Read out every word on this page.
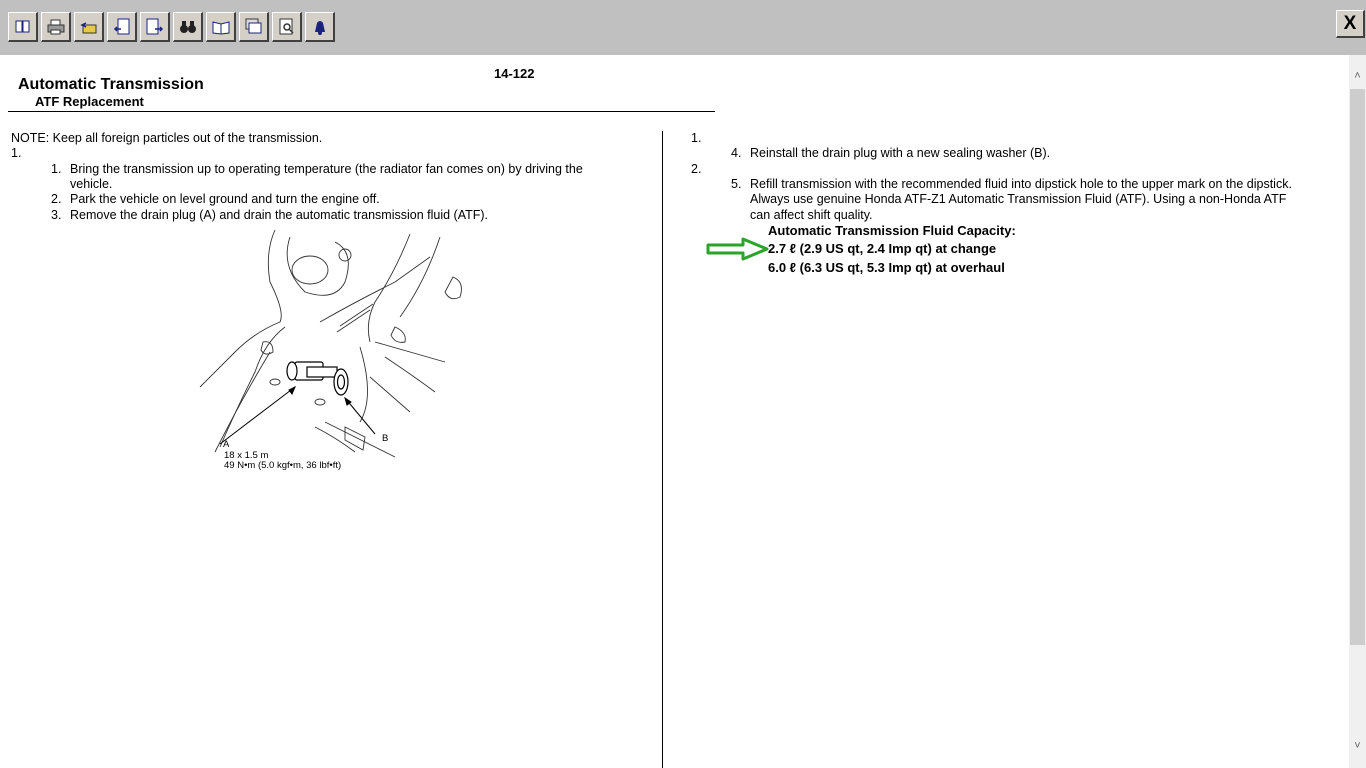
X
˄
˅
14-122
Automatic Transmission
ATF Replacement
NOTE: Keep all foreign particles out of the transmission.
1.
1. Bring the transmission up to operating temperature (the radiator fan comes on) by driving the
vehicle.
2. Park the vehicle on level ground and turn the engine off.
3. Remove the drain plug (A) and drain the automatic transmission fluid (ATF).
A
B
18 x 1.5 m
49 N•m (5.0 kgf•m, 36 lbf•ft)
1.
4. Reinstall the drain plug with a new sealing washer (B).
2.
5. Refill transmission with the recommended fluid into dipstick hole to the upper mark on the dipstick.
Always use genuine Honda ATF-Z1 Automatic Transmission Fluid (ATF). Using a non-Honda ATF
can affect shift quality.
Automatic Transmission Fluid Capacity:
2.7 ℓ (2.9 US qt, 2.4 Imp qt) at change
6.0 ℓ (6.3 US qt, 5.3 Imp qt) at overhaul
